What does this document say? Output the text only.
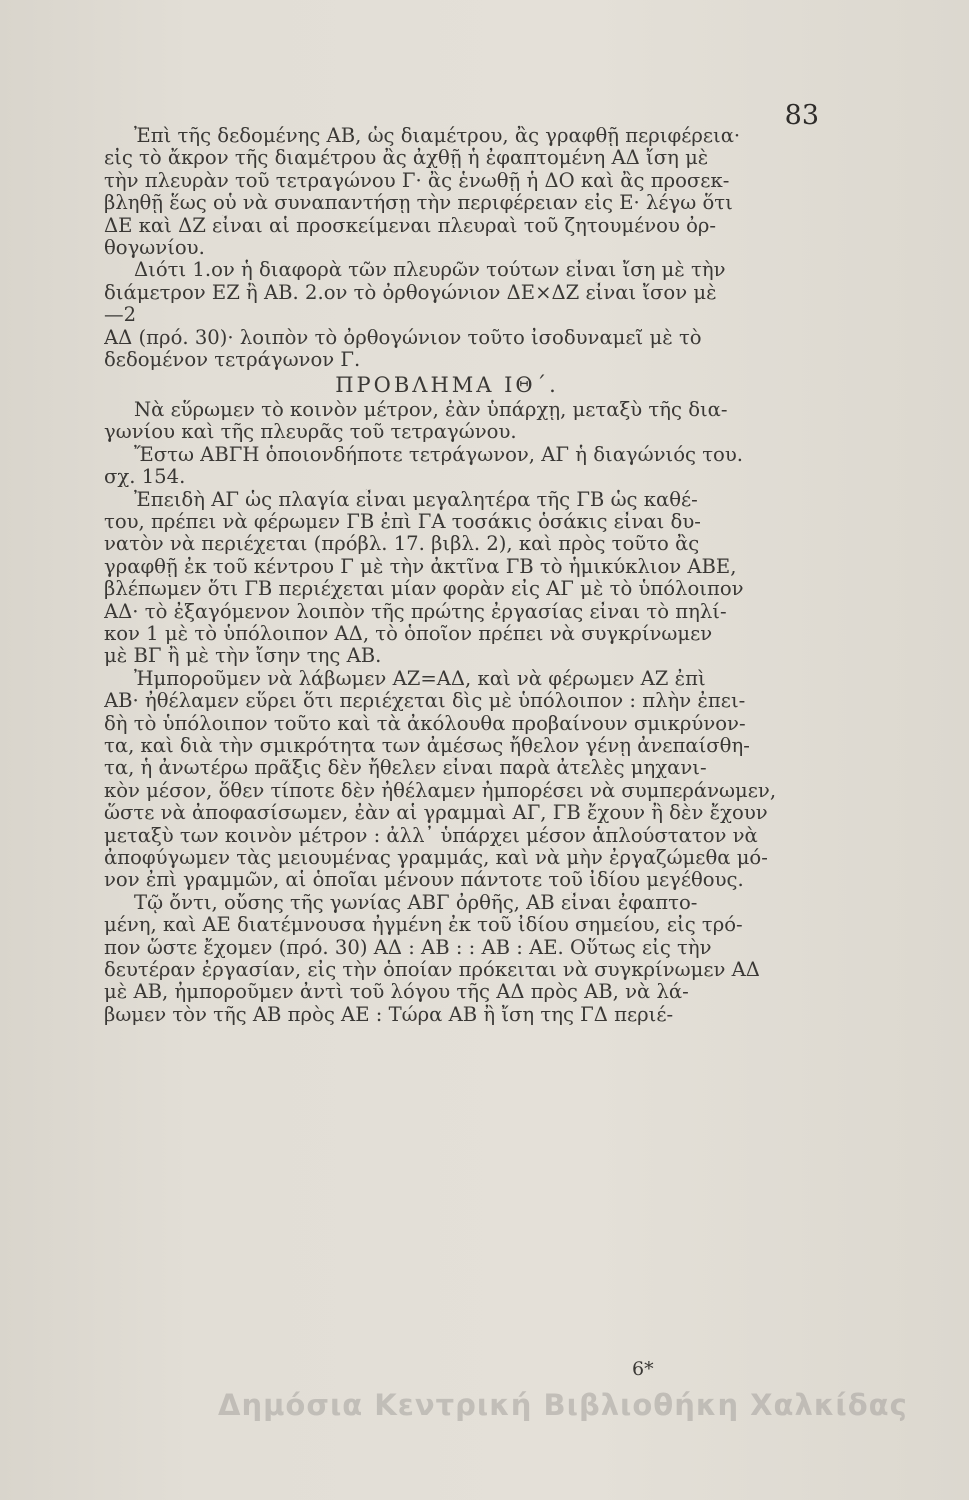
83
Ἐπὶ τῆς δεδομένης ΑΒ, ὡς διαμέτρου, ἂς γραφθῇ περιφέρεια·
εἰς τὸ ἄκρον τῆς διαμέτρου ἂς ἀχθῇ ἡ ἐφαπτομένη ΑΔ ἴση μὲ
τὴν πλευρὰν τοῦ τετραγώνου Γ· ἂς ἑνωθῇ ἡ ΔΟ καὶ ἂς προσεκ-
βληθῇ ἕως οὗ νὰ συναπαντήσῃ τὴν περιφέρειαν εἰς Ε· λέγω ὅτι
ΔΕ καὶ ΔΖ εἶναι αἱ προσκείμεναι πλευραὶ τοῦ ζητουμένου ὀρ-
θογωνίου.
Διότι 1.ον ἡ διαφορὰ τῶν πλευρῶν τούτων εἶναι ἴση μὲ τὴν
διάμετρον ΕΖ ἢ ΑΒ. 2.ον τὸ ὀρθογώνιον ΔΕ×ΔΖ εἶναι ἴσον μὲ
—2
ΑΔ (πρό. 30)· λοιπὸν τὸ ὀρθογώνιον τοῦτο ἰσοδυναμεῖ μὲ τὸ
δεδομένον τετράγωνον Γ.
ΠΡΟΒΛΗΜΑ ΙΘ΄.
Νὰ εὕρωμεν τὸ κοινὸν μέτρον, ἐὰν ὑπάρχῃ, μεταξὺ τῆς δια-
γωνίου καὶ τῆς πλευρᾶς τοῦ τετραγώνου.
Ἔστω ΑΒΓΗ ὁποιονδήποτε τετράγωνον, ΑΓ ἡ διαγώνιός του.
σχ. 154.
Ἐπειδὴ ΑΓ ὡς πλαγία εἶναι μεγαλητέρα τῆς ΓΒ ὡς καθέ-
του, πρέπει νὰ φέρωμεν ΓΒ ἐπὶ ΓΑ τοσάκις ὁσάκις εἶναι δυ-
νατὸν νὰ περιέχεται (πρόβλ. 17. βιβλ. 2), καὶ πρὸς τοῦτο ἂς
γραφθῇ ἐκ τοῦ κέντρου Γ μὲ τὴν ἀκτῖνα ΓΒ τὸ ἡμικύκλιον ΑΒΕ,
βλέπωμεν ὅτι ΓΒ περιέχεται μίαν φορὰν εἰς ΑΓ μὲ τὸ ὑπόλοιπον
ΑΔ· τὸ ἐξαγόμενον λοιπὸν τῆς πρώτης ἐργασίας εἶναι τὸ πηλί-
κον 1 μὲ τὸ ὑπόλοιπον ΑΔ, τὸ ὁποῖον πρέπει νὰ συγκρίνωμεν
μὲ ΒΓ ἢ μὲ τὴν ἴσην της ΑΒ.
Ἠμποροῦμεν νὰ λάβωμεν ΑΖ=ΑΔ, καὶ νὰ φέρωμεν ΑΖ ἐπὶ
ΑΒ· ἠθέλαμεν εὕρει ὅτι περιέχεται δὶς μὲ ὑπόλοιπον : πλὴν ἐπει-
δὴ τὸ ὑπόλοιπον τοῦτο καὶ τὰ ἀκόλουθα προβαίνουν σμικρύνον-
τα, καὶ διὰ τὴν σμικρότητα των ἀμέσως ἤθελον γένῃ ἀνεπαίσθη-
τα, ἡ ἀνωτέρω πρᾶξις δὲν ἤθελεν εἶναι παρὰ ἀτελὲς μηχανι-
κὸν μέσον, ὅθεν τίποτε δὲν ἠθέλαμεν ἠμπορέσει νὰ συμπεράνωμεν,
ὥστε νὰ ἀποφασίσωμεν, ἐὰν αἱ γραμμαὶ ΑΓ, ΓΒ ἔχουν ἢ δὲν ἔχουν
μεταξὺ των κοινὸν μέτρον : ἀλλ᾽ ὑπάρχει μέσον ἁπλούστατον νὰ
ἀποφύγωμεν τὰς μειουμένας γραμμάς, καὶ νὰ μὴν ἐργαζώμεθα μό-
νον ἐπὶ γραμμῶν, αἱ ὁποῖαι μένουν πάντοτε τοῦ ἰδίου μεγέθους.
Τῷ ὄντι, οὔσης τῆς γωνίας ΑΒΓ ὀρθῆς, ΑΒ εἶναι ἐφαπτο-
μένη, καὶ ΑΕ διατέμνουσα ἠγμένη ἐκ τοῦ ἰδίου σημείου, εἰς τρό-
πον ὥστε ἔχομεν (πρό. 30) ΑΔ : ΑΒ : : ΑΒ : ΑΕ. Οὕτως εἰς τὴν
δευτέραν ἐργασίαν, εἰς τὴν ὁποίαν πρόκειται νὰ συγκρίνωμεν ΑΔ
μὲ ΑΒ, ἠμποροῦμεν ἀντὶ τοῦ λόγου τῆς ΑΔ πρὸς ΑΒ, νὰ λά-
βωμεν τὸν τῆς ΑΒ πρὸς ΑΕ : Τώρα ΑΒ ἢ ἴση της ΓΔ περιέ-
6*
Δημόσια Κεντρική Βιβλιοθήκη Χαλκίδας
